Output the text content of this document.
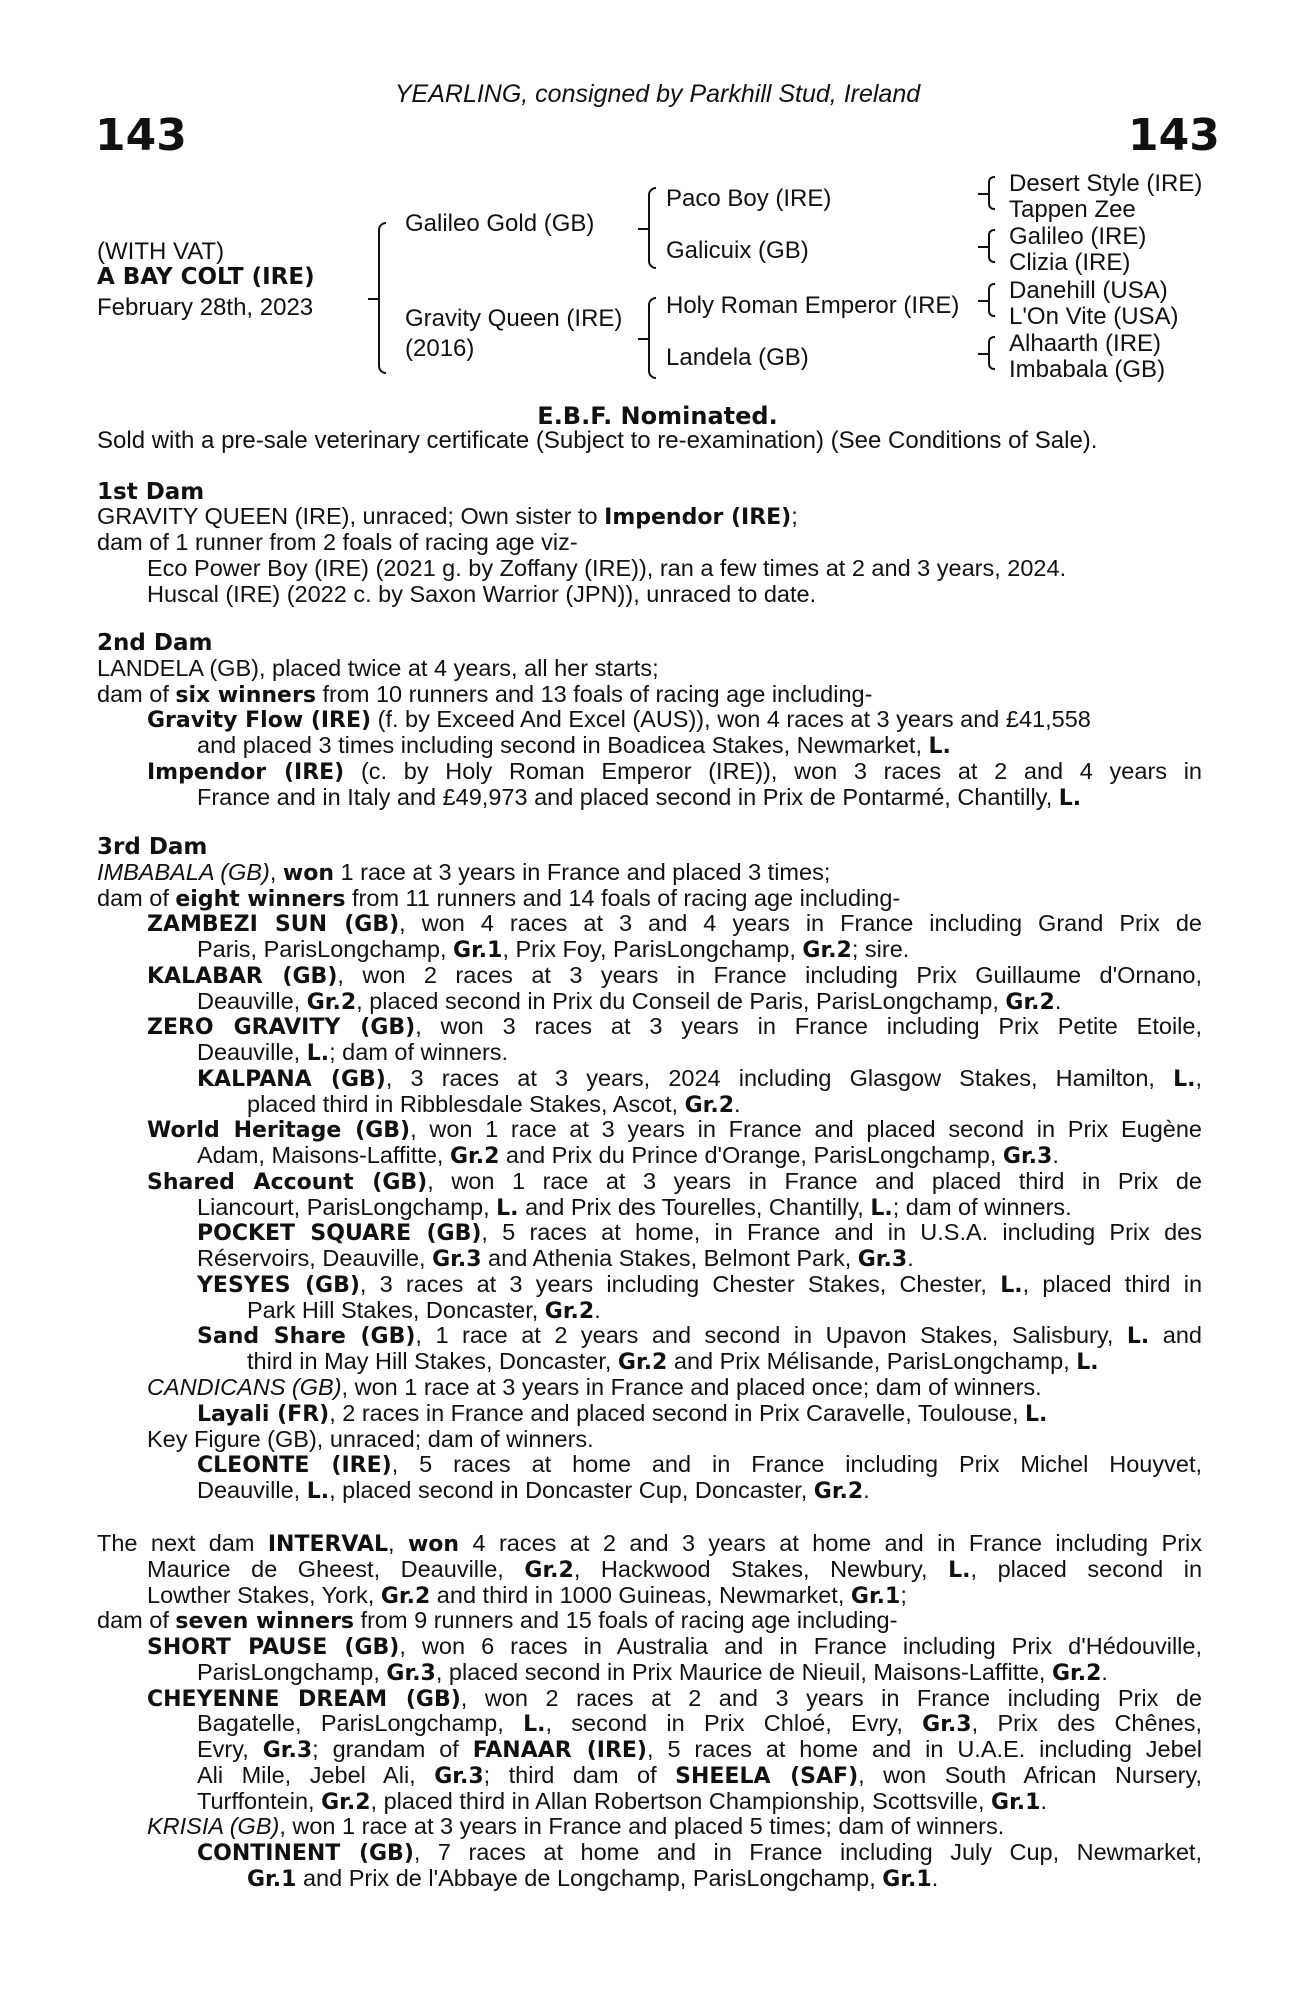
YEARLING, consigned by Parkhill Stud, Ireland
143	143
(WITH VAT)
A BAY COLT (IRE)
February 28th, 2023
Galileo Gold (GB)
Gravity Queen (IRE)
(2016)
Paco Boy (IRE)
Galicuix (GB)
Holy Roman Emperor (IRE)
Landela (GB)
Desert Style (IRE)
Tappen Zee
Galileo (IRE)
Clizia (IRE)
Danehill (USA)
L'On Vite (USA)
Alhaarth (IRE)
Imbabala (GB)
E.B.F. Nominated.
Sold with a pre-sale veterinary certificate (Subject to re-examination) (See Conditions of Sale).
1st Dam
2nd Dam
3rd Dam
GRAVITY QUEEN (IRE), unraced; Own sister to Impendor (IRE);
dam of 1 runner from 2 foals of racing age viz-
Eco Power Boy (IRE) (2021 g. by Zoffany (IRE)), ran a few times at 2 and 3 years, 2024.
Huscal (IRE) (2022 c. by Saxon Warrior (JPN)), unraced to date.
LANDELA (GB), placed twice at 4 years, all her starts;
dam of six winners from 10 runners and 13 foals of racing age including-
Gravity Flow (IRE) (f. by Exceed And Excel (AUS)), won 4 races at 3 years and £41,558
and placed 3 times including second in Boadicea Stakes, Newmarket, L.
Impendor (IRE) (c. by Holy Roman Emperor (IRE)), won 3 races at 2 and 4 years in
France and in Italy and £49,973 and placed second in Prix de Pontarmé, Chantilly, L.
IMBABALA (GB), won 1 race at 3 years in France and placed 3 times;
dam of eight winners from 11 runners and 14 foals of racing age including-
ZAMBEZI SUN (GB), won 4 races at 3 and 4 years in France including Grand Prix de
Paris, ParisLongchamp, Gr.1, Prix Foy, ParisLongchamp, Gr.2; sire.
KALABAR (GB), won 2 races at 3 years in France including Prix Guillaume d'Ornano,
Deauville, Gr.2, placed second in Prix du Conseil de Paris, ParisLongchamp, Gr.2.
ZERO GRAVITY (GB), won 3 races at 3 years in France including Prix Petite Etoile,
Deauville, L.; dam of winners.
KALPANA (GB), 3 races at 3 years, 2024 including Glasgow Stakes, Hamilton, L.,
placed third in Ribblesdale Stakes, Ascot, Gr.2.
World Heritage (GB), won 1 race at 3 years in France and placed second in Prix Eugène
Adam, Maisons-Laffitte, Gr.2 and Prix du Prince d'Orange, ParisLongchamp, Gr.3.
Shared Account (GB), won 1 race at 3 years in France and placed third in Prix de
Liancourt, ParisLongchamp, L. and Prix des Tourelles, Chantilly, L.; dam of winners.
POCKET SQUARE (GB), 5 races at home, in France and in U.S.A. including Prix des
Réservoirs, Deauville, Gr.3 and Athenia Stakes, Belmont Park, Gr.3.
YESYES (GB), 3 races at 3 years including Chester Stakes, Chester, L., placed third in
Park Hill Stakes, Doncaster, Gr.2.
Sand Share (GB), 1 race at 2 years and second in Upavon Stakes, Salisbury, L. and
third in May Hill Stakes, Doncaster, Gr.2 and Prix Mélisande, ParisLongchamp, L.
CANDICANS (GB), won 1 race at 3 years in France and placed once; dam of winners.
Layali (FR), 2 races in France and placed second in Prix Caravelle, Toulouse, L.
Key Figure (GB), unraced; dam of winners.
CLEONTE (IRE), 5 races at home and in France including Prix Michel Houyvet,
Deauville, L., placed second in Doncaster Cup, Doncaster, Gr.2.
The next dam INTERVAL, won 4 races at 2 and 3 years at home and in France including Prix
Maurice de Gheest, Deauville, Gr.2, Hackwood Stakes, Newbury, L., placed second in
Lowther Stakes, York, Gr.2 and third in 1000 Guineas, Newmarket, Gr.1;
dam of seven winners from 9 runners and 15 foals of racing age including-
SHORT PAUSE (GB), won 6 races in Australia and in France including Prix d'Hédouville,
ParisLongchamp, Gr.3, placed second in Prix Maurice de Nieuil, Maisons-Laffitte, Gr.2.
CHEYENNE DREAM (GB), won 2 races at 2 and 3 years in France including Prix de
Bagatelle, ParisLongchamp, L., second in Prix Chloé, Evry, Gr.3, Prix des Chênes,
Evry, Gr.3; grandam of FANAAR (IRE), 5 races at home and in U.A.E. including Jebel
Ali Mile, Jebel Ali, Gr.3; third dam of SHEELA (SAF), won South African Nursery,
Turffontein, Gr.2, placed third in Allan Robertson Championship, Scottsville, Gr.1.
KRISIA (GB), won 1 race at 3 years in France and placed 5 times; dam of winners.
CONTINENT (GB), 7 races at home and in France including July Cup, Newmarket,
Gr.1 and Prix de l'Abbaye de Longchamp, ParisLongchamp, Gr.1.
